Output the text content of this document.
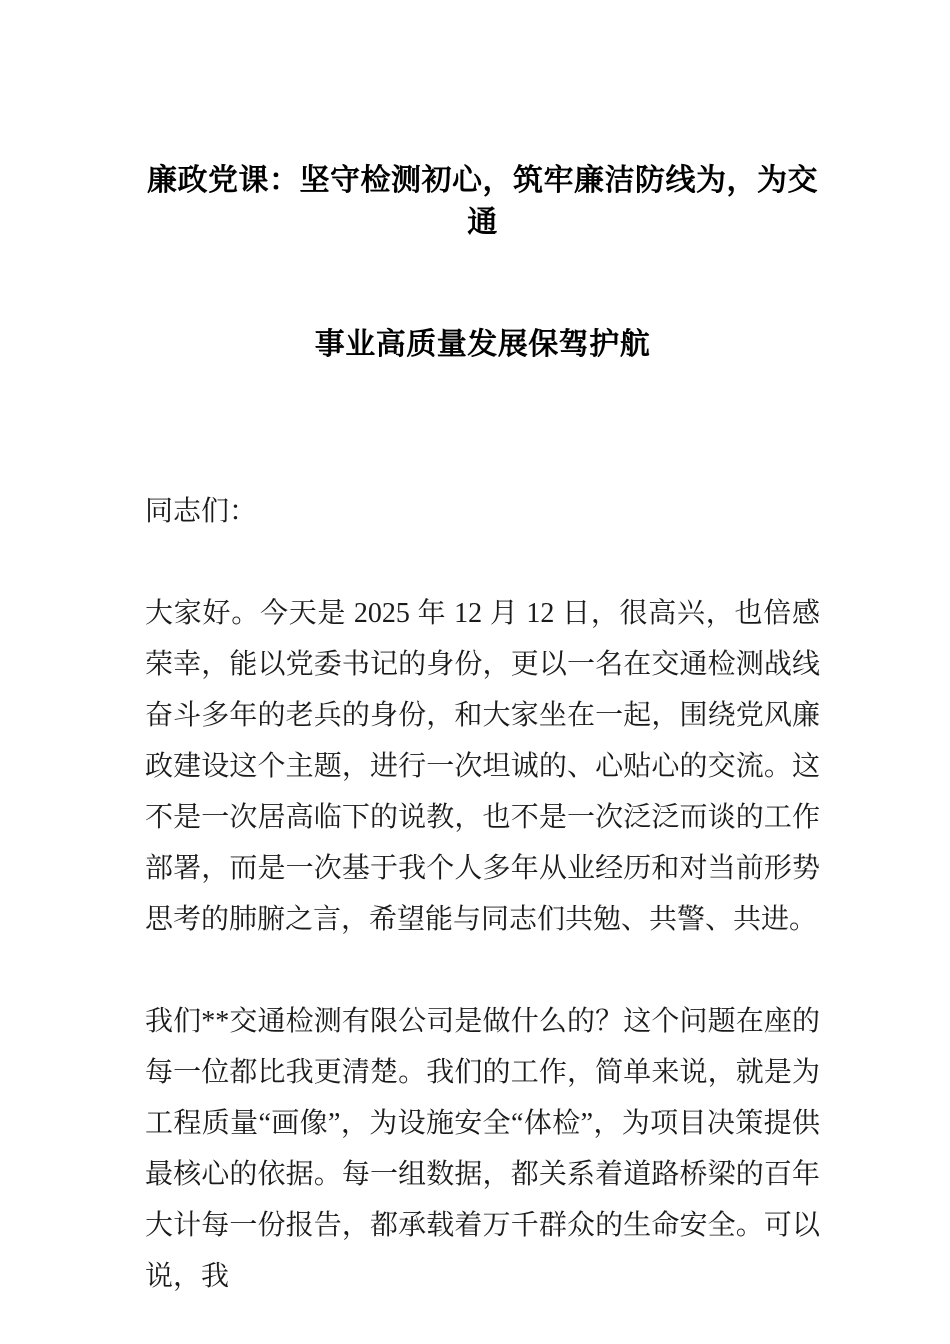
廉政党课：坚守检测初心，筑牢廉洁防线为，为交通
事业高质量发展保驾护航

同志们：

大家好。今天是 2025 年 12 月 12 日，很高兴，也倍感荣幸，能以党委书记的身份，更以一名在交通检测战线奋斗多年的老兵的身份，和大家坐在一起，围绕党风廉政建设这个主题，进行一次坦诚的、心贴心的交流。这不是一次居高临下的说教，也不是一次泛泛而谈的工作部署，而是一次基于我个人多年从业经历和对当前形势思考的肺腑之言，希望能与同志们共勉、共警、共进。

我们**交通检测有限公司是做什么的？这个问题在座的每一位都比我更清楚。我们的工作，简单来说，就是为工程质量“画像”，为设施安全“体检”，为项目决策提供最核心的依据。每一组数据，都关系着道路桥梁的百年大计每一份报告，都承载着万千群众的生命安全。可以说，我
